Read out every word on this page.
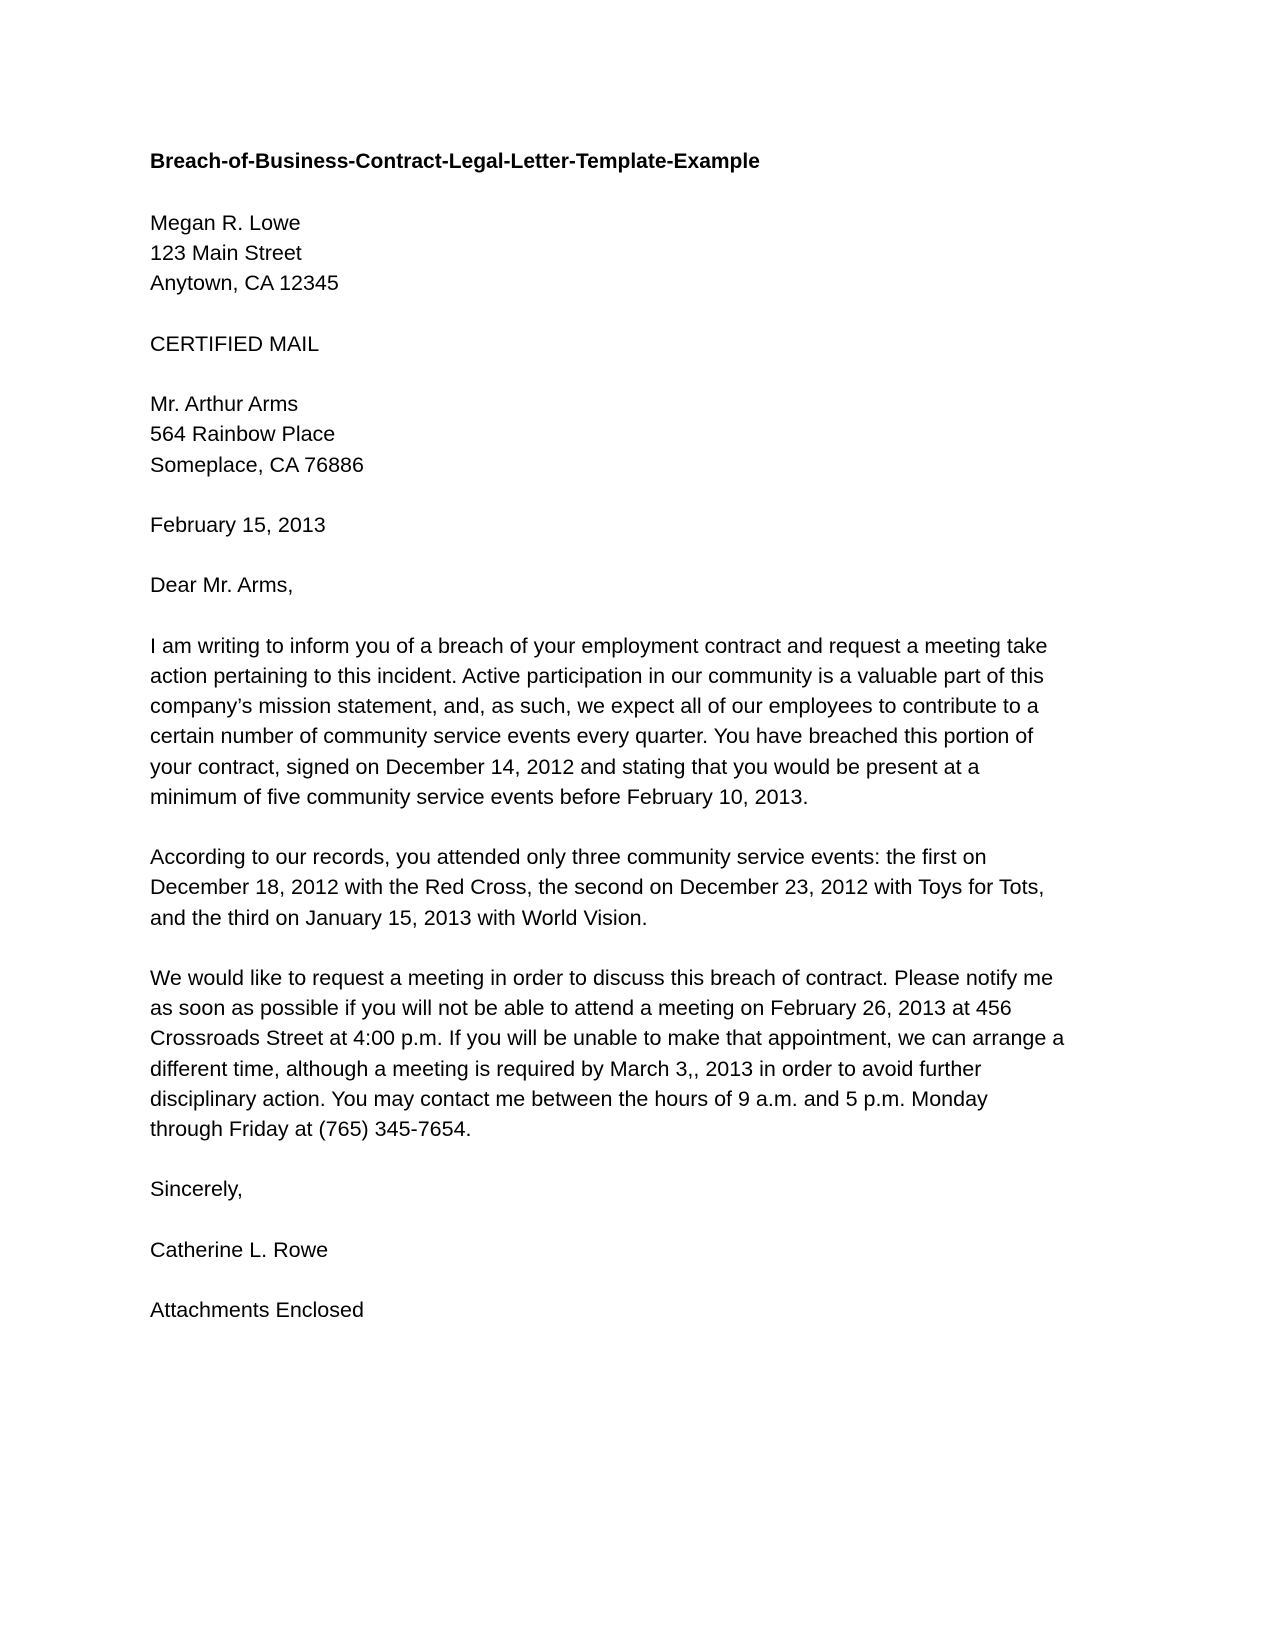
Breach-of-Business-Contract-Legal-Letter-Template-Example
Megan R. Lowe
123 Main Street
Anytown, CA 12345
CERTIFIED MAIL
Mr. Arthur Arms
564 Rainbow Place
Someplace, CA 76886
February 15, 2013
Dear Mr. Arms,
I am writing to inform you of a breach of your employment contract and request a meeting take
action pertaining to this incident. Active participation in our community is a valuable part of this
company’s mission statement, and, as such, we expect all of our employees to contribute to a
certain number of community service events every quarter. You have breached this portion of
your contract, signed on December 14, 2012 and stating that you would be present at a
minimum of five community service events before February 10, 2013.
According to our records, you attended only three community service events: the first on
December 18, 2012 with the Red Cross, the second on December 23, 2012 with Toys for Tots,
and the third on January 15, 2013 with World Vision.
We would like to request a meeting in order to discuss this breach of contract. Please notify me
as soon as possible if you will not be able to attend a meeting on February 26, 2013 at 456
Crossroads Street at 4:00 p.m. If you will be unable to make that appointment, we can arrange a
different time, although a meeting is required by March 3,, 2013 in order to avoid further
disciplinary action. You may contact me between the hours of 9 a.m. and 5 p.m. Monday
through Friday at (765) 345-7654.
Sincerely,
Catherine L. Rowe
Attachments Enclosed
